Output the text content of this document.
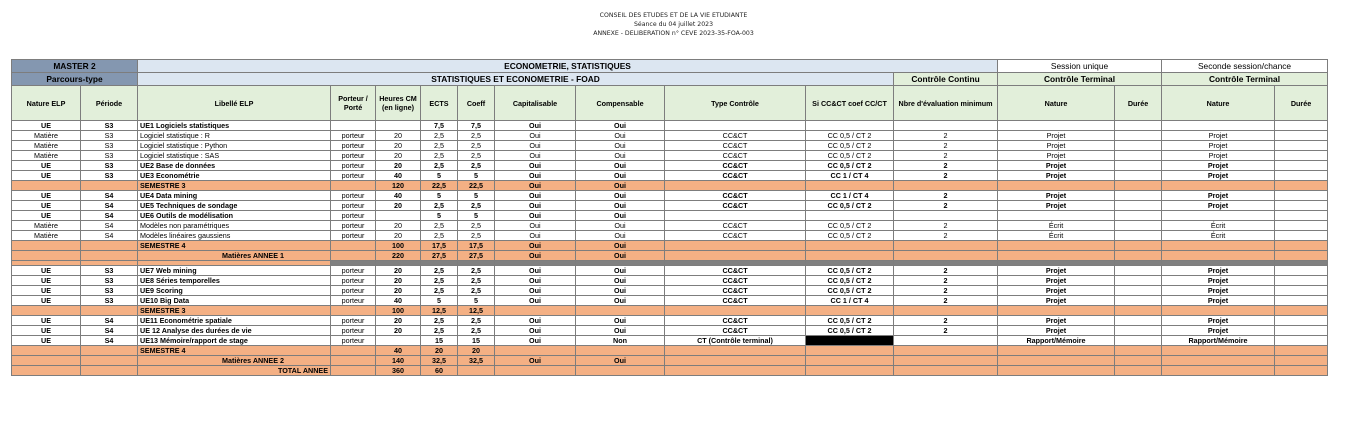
CONSEIL DES ETUDES ET DE LA VIE ETUDIANTE
Séance du 04 juillet 2023
ANNEXE - DELIBERATION n° CEVE 2023-35-FOA-003
MASTER 2		ECONOMETRIE, STATISTIQUES										Session unique		Seconde session/chance	
Parcours-type		STATISTIQUES ET ECONOMETRIE - FOAD									Contrôle Continu	Contrôle Terminal		Contrôle Terminal	
Nature ELP	Période	Libellé ELP	Porteur / Porté	Heures CM (en ligne)	ECTS	Coeff	Capitalisable	Compensable	Type Contrôle	Si CC&CT coef CC/CT	Nbre d'évaluation minimum	Nature	Durée	Nature	Durée
UE	S3	UE1 Logiciels statistiques			7,5	7,5	Oui	Oui							
Matière	S3	Logiciel statistique : R	porteur	20	2,5	2,5	Oui	Oui	CC&CT	CC 0,5 / CT 2	2	Projet		Projet	
Matière	S3	Logiciel statistique : Python	porteur	20	2,5	2,5	Oui	Oui	CC&CT	CC 0,5 / CT 2	2	Projet		Projet	
Matière	S3	Logiciel statistique : SAS	porteur	20	2,5	2,5	Oui	Oui	CC&CT	CC 0,5 / CT 2	2	Projet		Projet	
UE	S3	UE2 Base de données	porteur	20	2,5	2,5	Oui	Oui	CC&CT	CC 0,5 / CT 2	2	Projet		Projet	
UE	S3	UE3 Econométrie	porteur	40	5	5	Oui	Oui	CC&CT	CC 1 / CT 4	2	Projet		Projet	
		SEMESTRE 3		120	22,5	22,5	Oui	Oui							
UE	S4	UE4 Data mining	porteur	40	5	5	Oui	Oui	CC&CT	CC 1 / CT 4	2	Projet		Projet	
UE	S4	UE5 Techniques de sondage	porteur	20	2,5	2,5	Oui	Oui	CC&CT	CC 0,5 / CT 2	2	Projet		Projet	
UE	S4	UE6 Outils de modélisation	porteur		5	5	Oui	Oui							
Matière	S4	Modèles non paramétriques	porteur	20	2,5	2,5	Oui	Oui	CC&CT	CC 0,5 / CT 2	2	Écrit		Écrit	
Matière	S4	Modèles linéaires gaussiens	porteur	20	2,5	2,5	Oui	Oui	CC&CT	CC 0,5 / CT 2	2	Écrit		Écrit	
		SEMESTRE 4		100	17,5	17,5	Oui	Oui							
		Matières ANNEE 1		220	27,5	27,5	Oui	Oui							

UE	S3	UE7 Web mining	porteur	20	2,5	2,5	Oui	Oui	CC&CT	CC 0,5 / CT 2	2	Projet		Projet	
UE	S3	UE8 Séries temporelles	porteur	20	2,5	2,5	Oui	Oui	CC&CT	CC 0,5 / CT 2	2	Projet		Projet	
UE	S3	UE9 Scoring	porteur	20	2,5	2,5	Oui	Oui	CC&CT	CC 0,5 / CT 2	2	Projet		Projet	
UE	S3	UE10 Big Data	porteur	40	5	5	Oui	Oui	CC&CT	CC 1 / CT 4	2	Projet		Projet	
		SEMESTRE 3		100	12,5	12,5									
UE	S4	UE11 Econométrie spatiale	porteur	20	2,5	2,5	Oui	Oui	CC&CT	CC 0,5 / CT 2	2	Projet		Projet	
UE	S4	UE 12 Analyse des durées de vie	porteur	20	2,5	2,5	Oui	Oui	CC&CT	CC 0,5 / CT 2	2	Projet		Projet	
UE	S4	UE13 Mémoire/rapport de stage	porteur		15	15	Oui	Non	CT (Contrôle terminal)			Rapport/Mémoire		Rapport/Mémoire	
		SEMESTRE 4		40	20	20									
		Matières ANNEE 2		140	32,5	32,5	Oui	Oui							
		TOTAL ANNEE		360	60										
